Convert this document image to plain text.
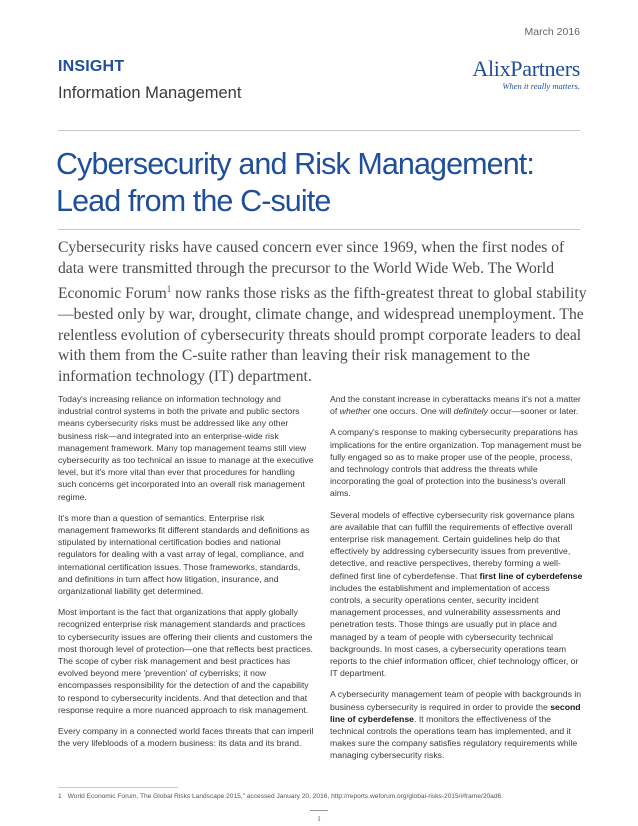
March 2016
INSIGHT
Information Management
AlixPartners
When it really matters.
Cybersecurity and Risk Management: Lead from the C-suite

Cybersecurity risks have caused concern ever since 1969, when the first nodes of data were transmitted through the precursor to the World Wide Web. The World Economic Forum$^1$ now ranks those risks as the fifth-greatest threat to global stability—bested only by war, drought, climate change, and widespread unemployment. The relentless evolution of cybersecurity threats should prompt corporate leaders to deal with them from the C-suite rather than leaving their risk management to the information technology (IT) department.

Today's increasing reliance on information technology and industrial control systems in both the private and public sectors means cybersecurity risks must be addressed like any other business risk—and integrated into an enterprise-wide risk management framework. Many top management teams still view cybersecurity as too technical an issue to manage at the executive level, but it's more vital than ever that procedures for handling such concerns get incorporated into an overall risk management regime.

It's more than a question of semantics. Enterprise risk management frameworks fit different standards and definitions as stipulated by international certification bodies and national regulators for dealing with a vast array of legal, compliance, and international certification issues. Those frameworks, standards, and definitions in turn affect how litigation, insurance, and organizational liability get determined.

Most important is the fact that organizations that apply globally recognized enterprise risk management standards and practices to cybersecurity issues are offering their clients and customers the most thorough level of protection—one that reflects best practices. The scope of cyber risk management and best practices has evolved beyond mere 'prevention' of cyberrisks; it now encompasses responsibility for the detection of and the capability to respond to cybersecurity incidents. And that detection and that response require a more nuanced approach to risk management.

Every company in a connected world faces threats that can imperil the very lifebloods of a modern business: its data and its brand.

And the constant increase in cyberattacks means it's not a matter of whether one occurs. One will definitely occur—sooner or later.

A company's response to making cybersecurity preparations has implications for the entire organization. Top management must be fully engaged so as to make proper use of the people, process, and technology controls that address the threats while incorporating the goal of protection into the business's overall aims.

Several models of effective cybersecurity risk governance plans are available that can fulfill the requirements of effective overall enterprise risk management. Certain guidelines help do that effectively by addressing cybersecurity issues from preventive, detective, and reactive perspectives, thereby forming a well-defined first line of cyberdefense. That first line of cyberdefense includes the establishment and implementation of access controls, a security operations center, security incident management processes, and vulnerability assessments and penetration tests. Those things are usually put in place and managed by a team of people with cybersecurity technical backgrounds. In most cases, a cybersecurity operations team reports to the chief information officer, chief technology officer, or IT department.

A cybersecurity management team of people with backgrounds in business cybersecurity is required in order to provide the second line of cyberdefense. It monitors the effectiveness of the technical controls the operations team has implemented, and it makes sure the company satisfies regulatory requirements while managing cybersecurity risks.

1 World Economic Forum, The Global Risks Landscape 2015," accessed January 20, 2016, http://reports.weforum.org/global-risks-2015/#frame/20ad6.
1
